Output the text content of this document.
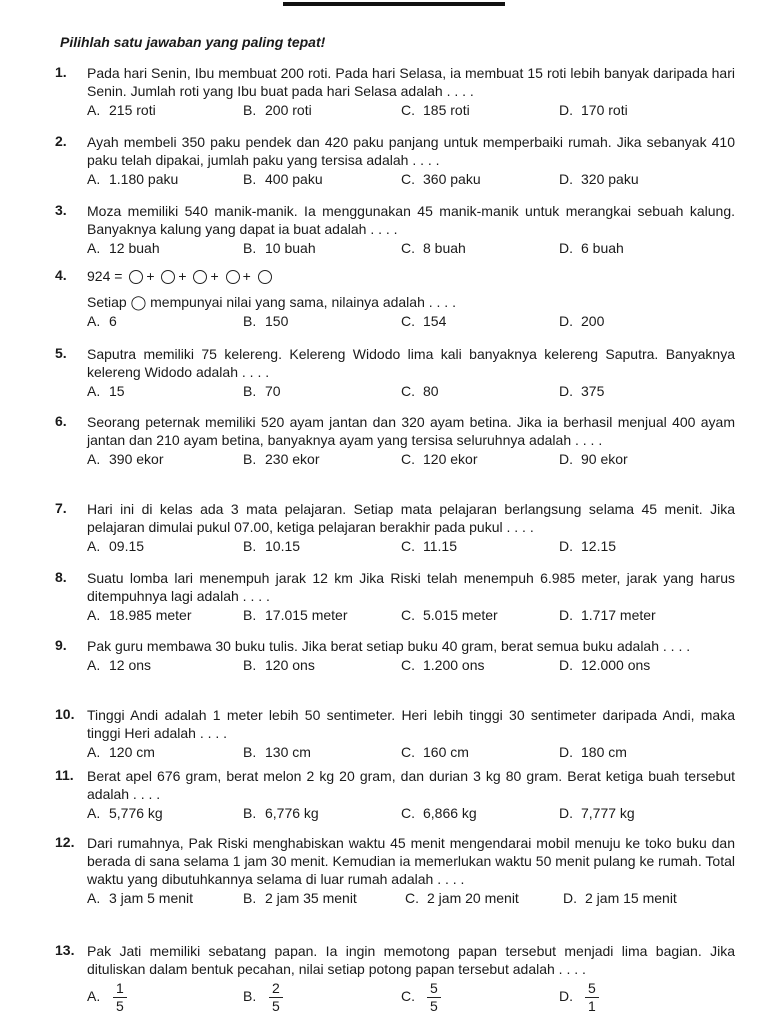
Pilihlah satu jawaban yang paling tepat!
1.	Pada hari Senin, Ibu membuat 200 roti. Pada hari Selasa, ia membuat 15 roti lebih banyak daripada hari Senin. Jumlah roti yang Ibu buat pada hari Selasa adalah . . . .
A. 215 roti	B. 200 roti	C. 185 roti	D. 170 roti
2.	Ayah membeli 350 paku pendek dan 420 paku panjang untuk memperbaiki rumah. Jika sebanyak 410 paku telah dipakai, jumlah paku yang tersisa adalah . . . .
A. 1.180 paku	B. 400 paku	C. 360 paku	D. 320 paku
3.	Moza memiliki 540 manik-manik. Ia menggunakan 45 manik-manik untuk merangkai sebuah kalung. Banyaknya kalung yang dapat ia buat adalah . . . .
A. 12 buah	B. 10 buah	C. 8 buah	D. 6 buah
4.	924 = + + + +
Setiap ◯ mempunyai nilai yang sama, nilainya adalah . . . .
A. 6	B. 150	C. 154	D. 200
5.	Saputra memiliki 75 kelereng. Kelereng Widodo lima kali banyaknya kelereng Saputra. Banyaknya kelereng Widodo adalah . . . .
A. 15	B. 70	C. 80	D. 375
6.	Seorang peternak memiliki 520 ayam jantan dan 320 ayam betina. Jika ia berhasil menjual 400 ayam jantan dan 210 ayam betina, banyaknya ayam yang tersisa seluruhnya adalah . . . .
A. 390 ekor	B. 230 ekor	C. 120 ekor	D. 90 ekor
7.	Hari ini di kelas ada 3 mata pelajaran. Setiap mata pelajaran berlangsung selama 45 menit. Jika pelajaran dimulai pukul 07.00, ketiga pelajaran berakhir pada pukul . . . .
A. 09.15	B. 10.15	C. 11.15	D. 12.15
8.	Suatu lomba lari menempuh jarak 12 km Jika Riski telah menempuh 6.985 meter, jarak yang harus ditempuhnya lagi adalah . . . .
A. 18.985 meter	B. 17.015 meter	C. 5.015 meter	D. 1.717 meter
9.	Pak guru membawa 30 buku tulis. Jika berat setiap buku 40 gram, berat semua buku adalah . . . .
A. 12 ons	B. 120 ons	C. 1.200 ons	D. 12.000 ons
10. Tinggi Andi adalah 1 meter lebih 50 sentimeter. Heri lebih tinggi 30 sentimeter daripada Andi, maka tinggi Heri adalah . . . .
A. 120 cm	B. 130 cm	C. 160 cm	D. 180 cm
11. Berat apel 676 gram, berat melon 2 kg 20 gram, dan durian 3 kg 80 gram. Berat ketiga buah tersebut adalah . . . .
A. 5,776 kg	B. 6,776 kg	C. 6,866 kg	D. 7,777 kg
12. Dari rumahnya, Pak Riski menghabiskan waktu 45 menit mengendarai mobil menuju ke toko buku dan berada di sana selama 1 jam 30 menit. Kemudian ia memerlukan waktu 50 menit pulang ke rumah. Total waktu yang dibutuhkannya selama di luar rumah adalah . . . .
A. 3 jam 5 menit	B. 2 jam 35 menit	C. 2 jam 20 menit	D. 2 jam 15 menit
13. Pak Jati memiliki sebatang papan. Ia ingin memotong papan tersebut menjadi lima bagian. Jika dituliskan dalam bentuk pecahan, nilai setiap potong papan tersebut adalah . . . .
A. $\frac{1}{5}$	B. $\frac{2}{5}$	C. $\frac{5}{5}$	D. $\frac{5}{1}$
